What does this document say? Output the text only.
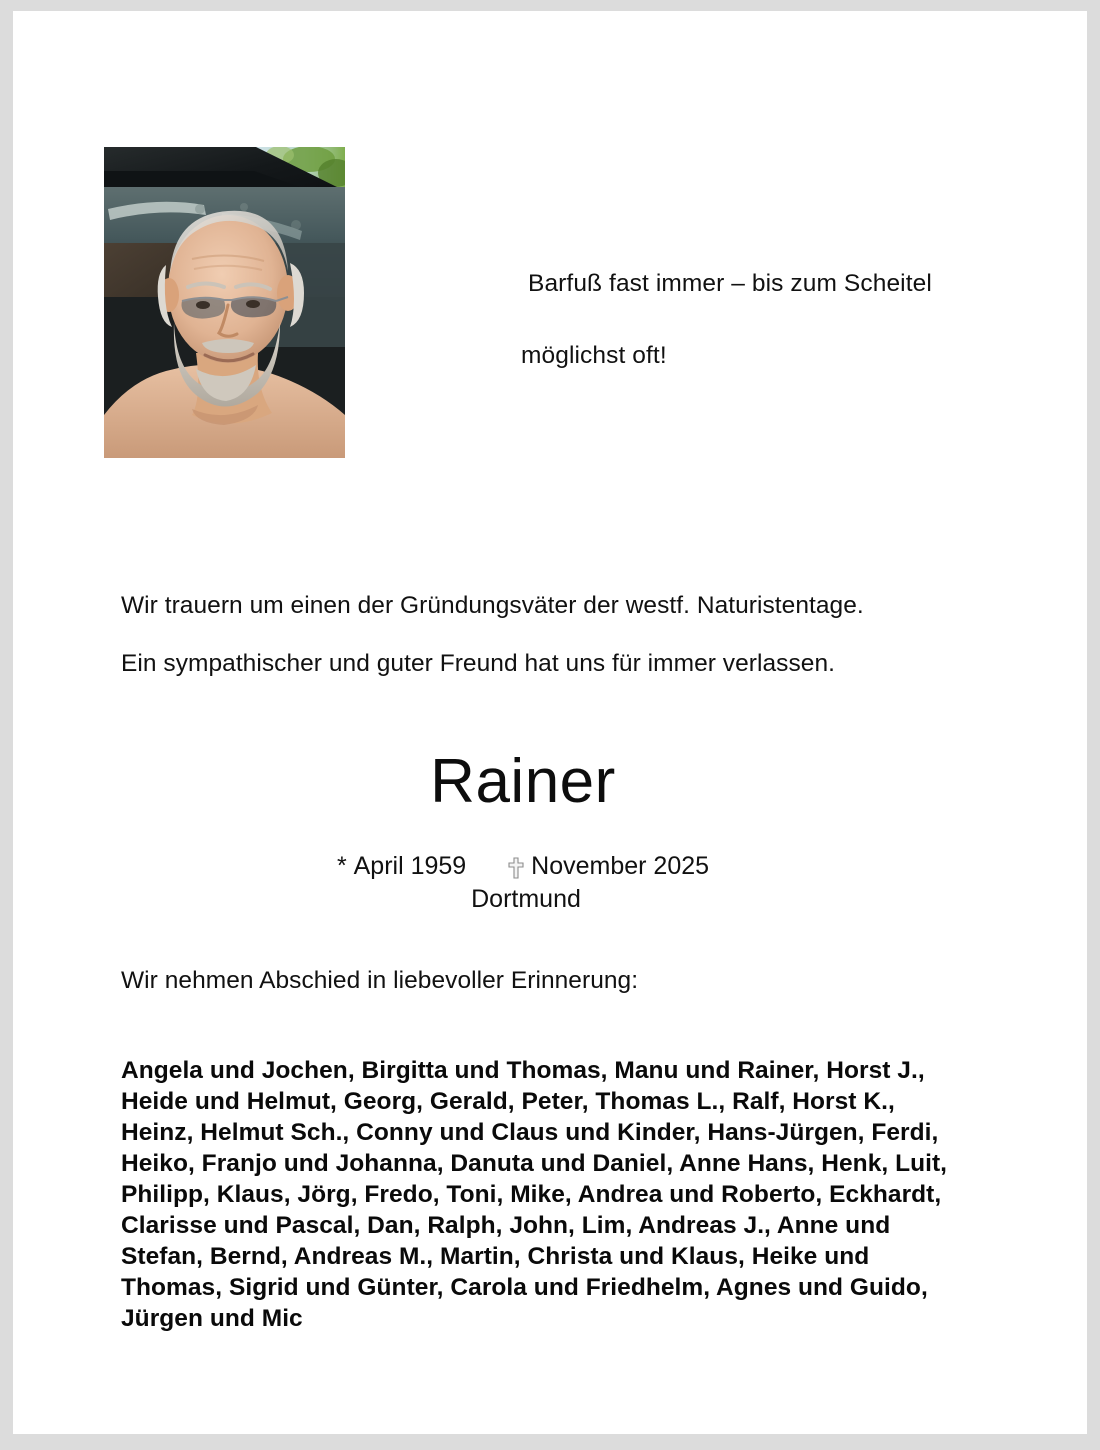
Barfuß fast immer – bis zum Scheitel

möglichst oft!

Wir trauern um einen der Gründungsväter der westf. Naturistentage.
Ein sympathischer und guter Freund hat uns für immer verlassen.
Rainer
* April 1959	November 2025
Dortmund
Wir nehmen Abschied in liebevoller Erinnerung:
Angela und Jochen, Birgitta und Thomas, Manu und Rainer, Horst J.,
Heide und Helmut, Georg, Gerald, Peter, Thomas L., Ralf, Horst K.,
Heinz, Helmut Sch., Conny und Claus und Kinder, Hans-Jürgen, Ferdi,
Heiko, Franjo und Johanna, Danuta und Daniel, Anne Hans, Henk, Luit,
Philipp, Klaus, Jörg, Fredo, Toni, Mike, Andrea und Roberto, Eckhardt,
Clarisse und Pascal, Dan, Ralph, John, Lim, Andreas J., Anne und
Stefan, Bernd, Andreas M., Martin, Christa und Klaus, Heike und
Thomas, Sigrid und Günter, Carola und Friedhelm, Agnes und Guido,
Jürgen und Mic
